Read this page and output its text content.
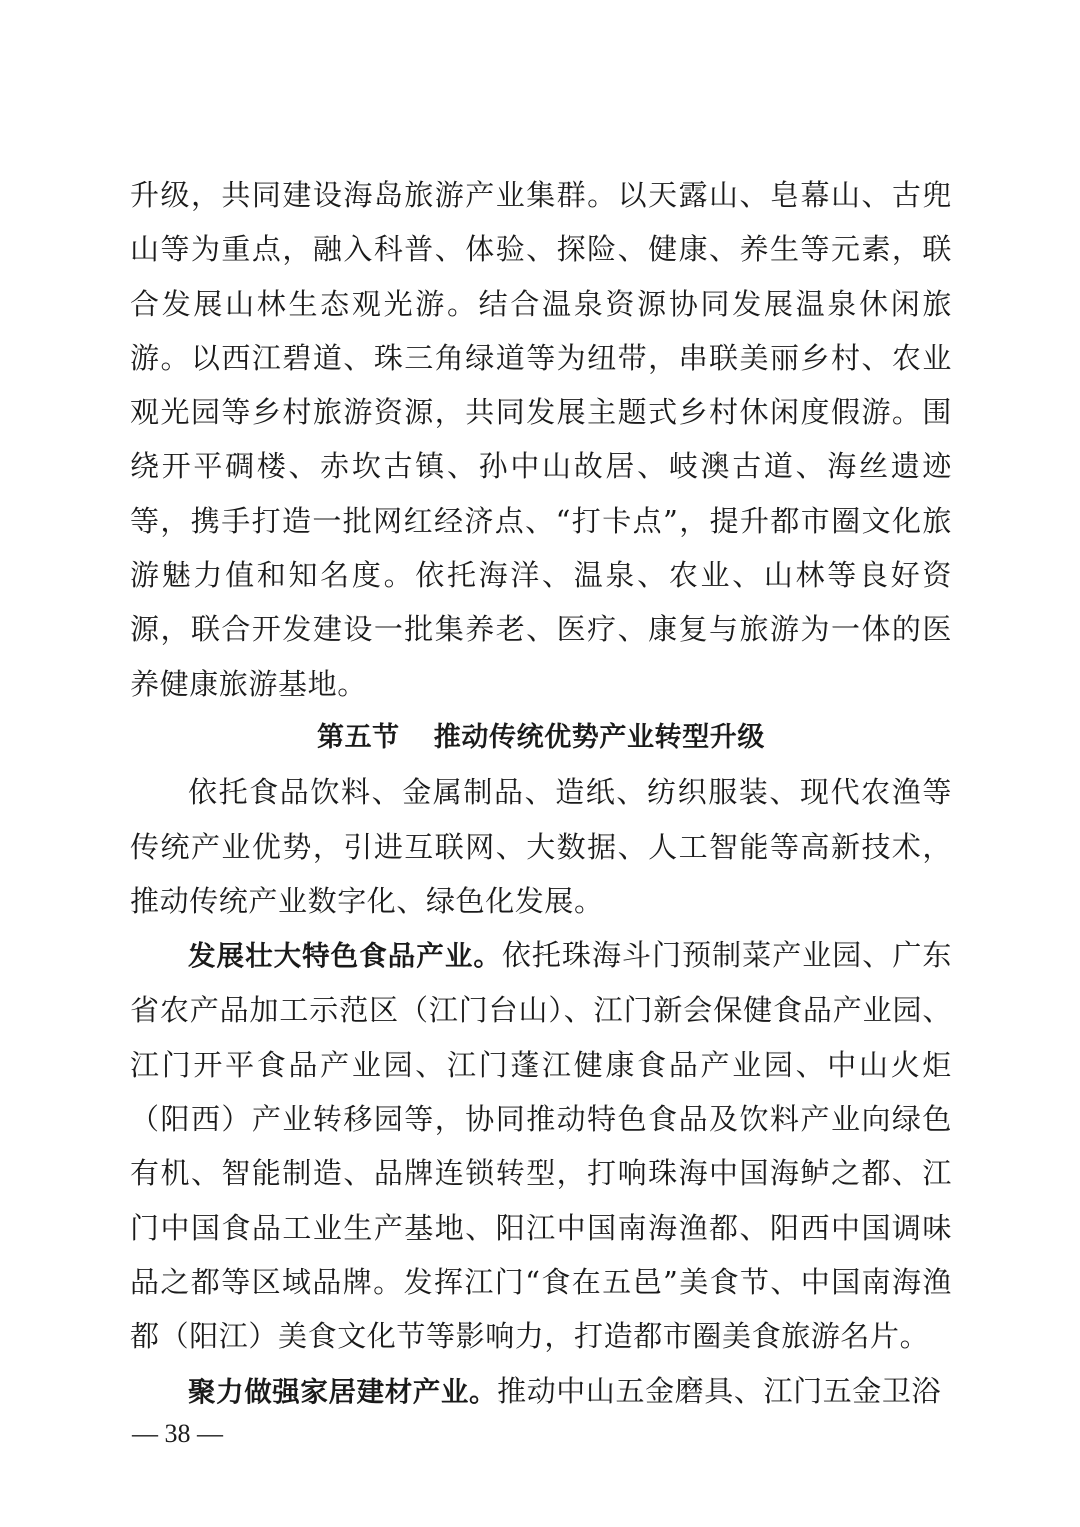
升级，共同建设海岛旅游产业集群。以天露山、皂幕山、古兜山等为重点，融入科普、体验、探险、健康、养生等元素，联合发展山林生态观光游。结合温泉资源协同发展温泉休闲旅游。以西江碧道、珠三角绿道等为纽带，串联美丽乡村、农业观光园等乡村旅游资源，共同发展主题式乡村休闲度假游。围绕开平碉楼、赤坎古镇、孙中山故居、岐澳古道、海丝遗迹等，携手打造一批网红经济点、“打卡点”，提升都市圈文化旅游魅力值和知名度。依托海洋、温泉、农业、山林等良好资源，联合开发建设一批集养老、医疗、康复与旅游为一体的医养健康旅游基地。

第五节 推动传统优势产业转型升级

依托食品饮料、金属制品、造纸、纺织服装、现代农渔等传统产业优势，引进互联网、大数据、人工智能等高新技术，推动传统产业数字化、绿色化发展。

发展壮大特色食品产业。依托珠海斗门预制菜产业园、广东省农产品加工示范区（江门台山）、江门新会保健食品产业园、江门开平食品产业园、江门蓬江健康食品产业园、中山火炬（阳西）产业转移园等，协同推动特色食品及饮料产业向绿色有机、智能制造、品牌连锁转型，打响珠海中国海鲈之都、江门中国食品工业生产基地、阳江中国南海渔都、阳西中国调味品之都等区域品牌。发挥江门“食在五邑”美食节、中国南海渔都（阳江）美食文化节等影响力，打造都市圈美食旅游名片。

聚力做强家居建材产业。推动中山五金磨具、江门五金卫浴

— 38 —
